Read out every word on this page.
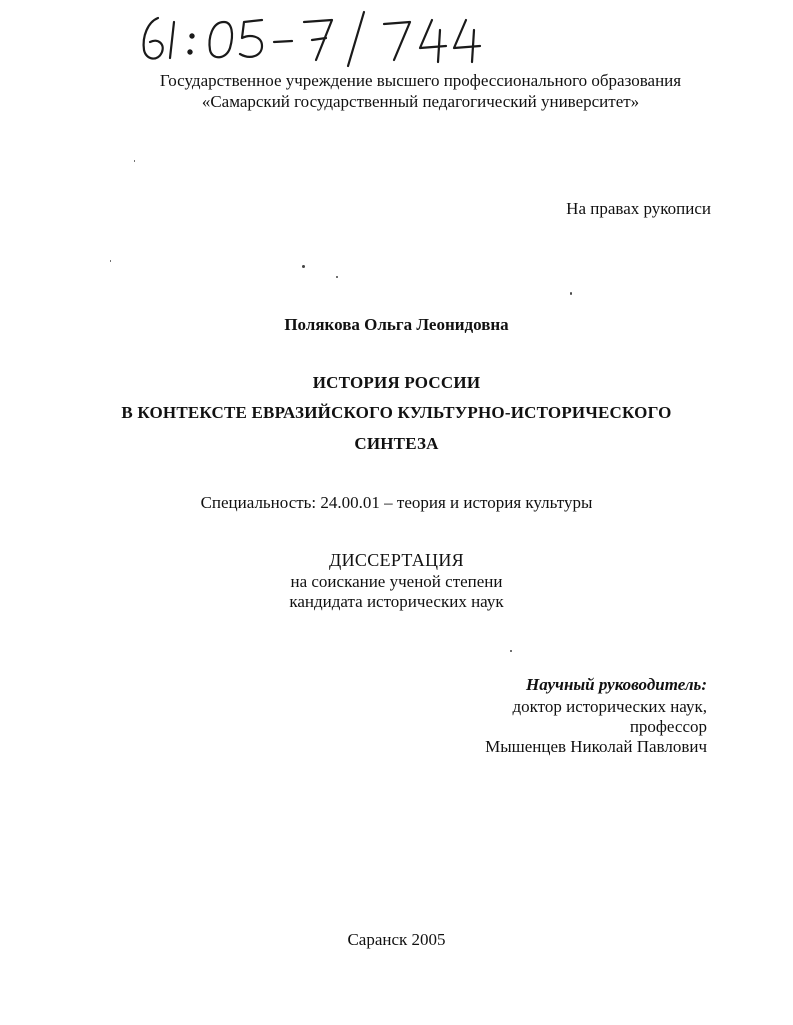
Государственное учреждение высшего профессионального образования
«Самарский государственный педагогический университет»
На правах рукописи
Полякова Ольга Леонидовна
ИСТОРИЯ РОССИИ
В КОНТЕКСТЕ ЕВРАЗИЙСКОГО КУЛЬТУРНО-ИСТОРИЧЕСКОГО
СИНТЕЗА
Специальность: 24.00.01 – теория и история культуры
ДИССЕРТАЦИЯ
на соискание ученой степени
кандидата исторических наук
Научный руководитель:
доктор исторических наук,
профессор
Мышенцев Николай Павлович
Саранск 2005
